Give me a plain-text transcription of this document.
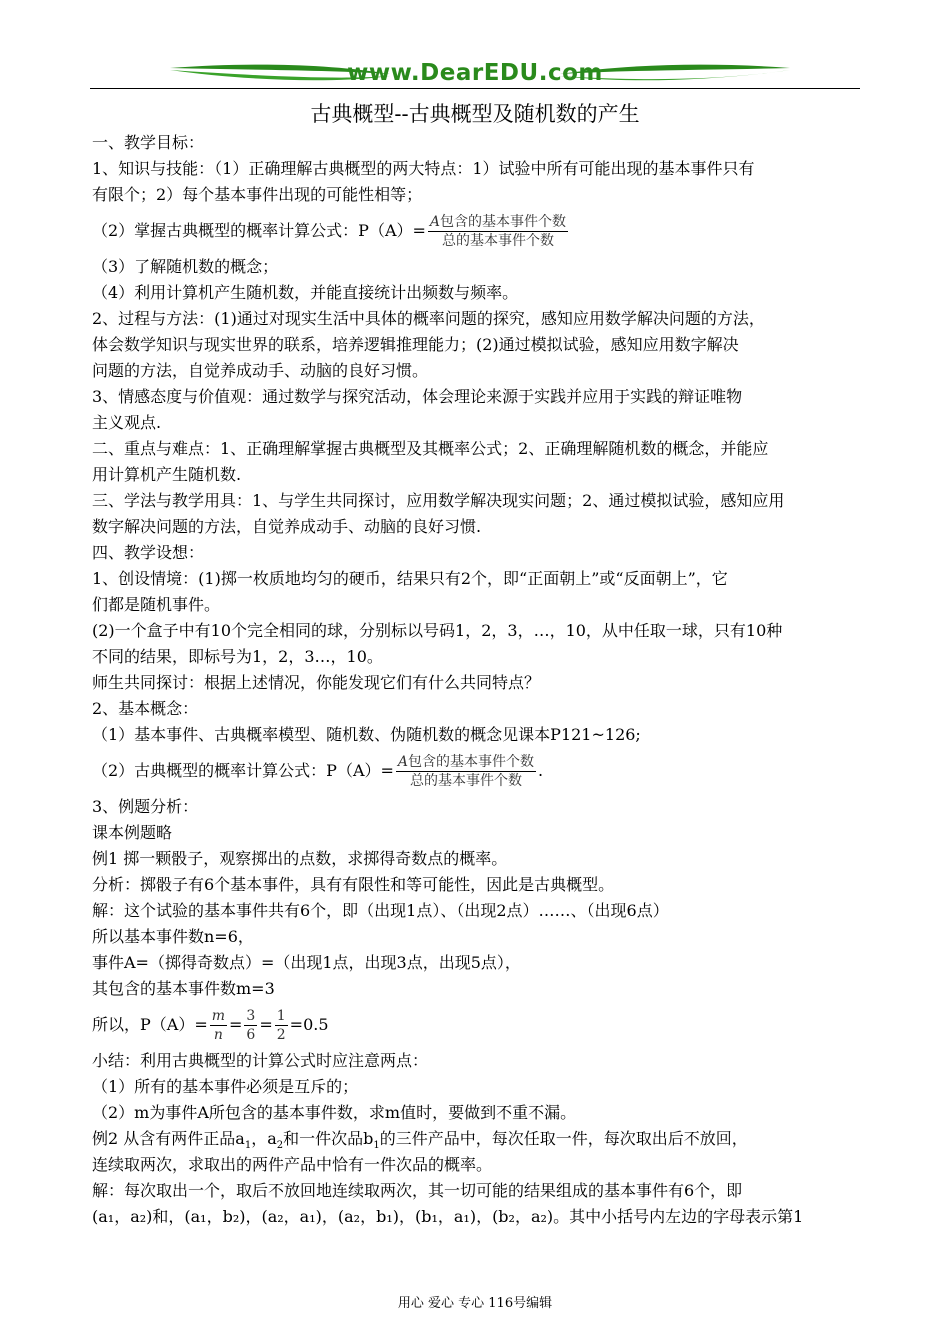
www.DearEDU.com
古典概型--古典概型及随机数的产生
一、教学目标：
1、知识与技能：（1）正确理解古典概型的两大特点：1）试验中所有可能出现的基本事件只有
有限个；2）每个基本事件出现的可能性相等；
（2）掌握古典概型的概率计算公式：$P(A)= \frac{\text{A包含的基本事件个数}}{\text{总的基本事件个数}}$
（3）了解随机数的概念；
（4）利用计算机产生随机数，并能直接统计出频数与频率。
2、过程与方法：(1)通过对现实生活中具体的概率问题的探究，感知应用数学解决问题的方法，
体会数学知识与现实世界的联系，培养逻辑推理能力；(2)通过模拟试验，感知应用数字解决
问题的方法，自觉养成动手、动脑的良好习惯。
3、情感态度与价值观：通过数学与探究活动，体会理论来源于实践并应用于实践的辩证唯物
主义观点.
二、重点与难点：1、正确理解掌握古典概型及其概率公式；2、正确理解随机数的概念，并能应
用计算机产生随机数.
三、学法与教学用具：1、与学生共同探讨，应用数学解决现实问题；2、通过模拟试验，感知应用
数字解决问题的方法，自觉养成动手、动脑的良好习惯.
四、教学设想：
1、创设情境：(1)掷一枚质地均匀的硬币，结果只有2个，即“正面朝上”或“反面朝上”，它
们都是随机事件。
(2)一个盒子中有10个完全相同的球，分别标以号码1，2，3，…，10，从中任取一球，只有10种
不同的结果，即标号为1，2，3…，10。
师生共同探讨：根据上述情况，你能发现它们有什么共同特点？
2、基本概念：
（1）基本事件、古典概率模型、随机数、伪随机数的概念见课本P121~126;
（2）古典概型的概率计算公式：$P(A)= \frac{\text{A包含的基本事件个数}}{\text{总的基本事件个数}}$ .
3、例题分析：
课本例题略
例1 掷一颗骰子，观察掷出的点数，求掷得奇数点的概率。
分析：掷骰子有6个基本事件，具有有限性和等可能性，因此是古典概型。
解：这个试验的基本事件共有6个，即（出现1点）、（出现2点）……、（出现6点）
所以基本事件数n=6，
事件A=（掷得奇数点）=（出现1点，出现3点，出现5点），
其包含的基本事件数m=3
所以，$P(A)= \frac{m}{n} = \frac{3}{6} = \frac{1}{2} =0.5$
小结：利用古典概型的计算公式时应注意两点：
（1）所有的基本事件必须是互斥的；
（2）m为事件A所包含的基本事件数，求m值时，要做到不重不漏。
例2 从含有两件正品$a_1$，$a_2$和一件次品$b_1$的三件产品中，每次任取一件，每次取出后不放回，
连续取两次，求取出的两件产品中恰有一件次品的概率。
解：每次取出一个，取后不放回地连续取两次，其一切可能的结果组成的基本事件有6个，即
(a₁，a₂)和，(a₁，b₂)，(a₂，a₁)，(a₂，b₁)，(b₁，a₁)，(b₂，a₂)。其中小括号内左边的字母表示第1
用心 爱心 专心 116号编辑
